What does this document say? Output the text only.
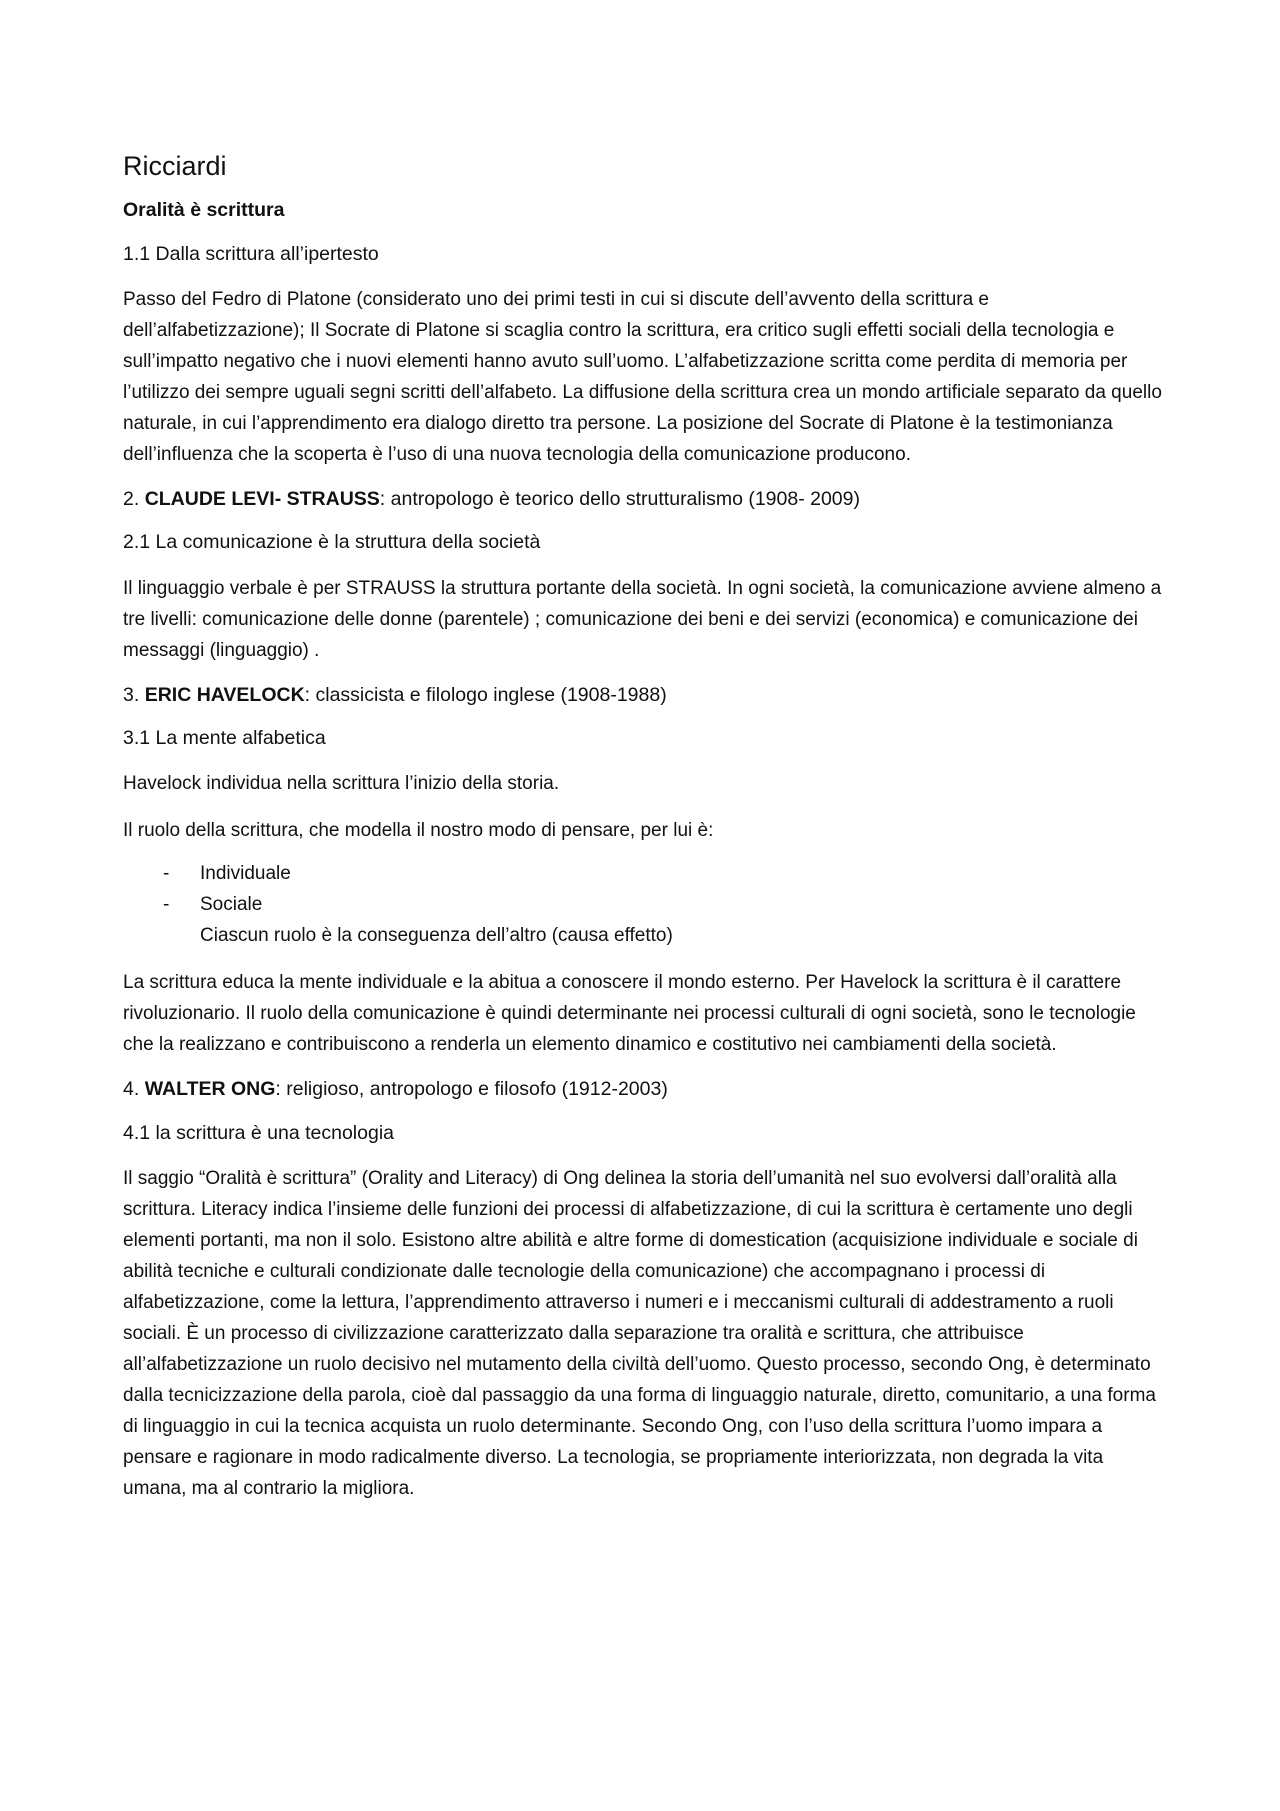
Ricciardi
Oralità è scrittura
1.1 Dalla scrittura all’ipertesto

Passo del Fedro di Platone (considerato uno dei primi testi in cui si discute dell’avvento della scrittura e dell’alfabetizzazione); Il Socrate di Platone si scaglia contro la scrittura, era critico sugli effetti sociali della tecnologia e sull’impatto negativo che i nuovi elementi hanno avuto sull’uomo. L’alfabetizzazione scritta come perdita di memoria per l’utilizzo dei sempre uguali segni scritti dell’alfabeto. La diffusione della scrittura crea un mondo artificiale separato da quello naturale, in cui l’apprendimento era dialogo diretto tra persone. La posizione del Socrate di Platone è la testimonianza dell’influenza che la scoperta è l’uso di una nuova tecnologia della comunicazione producono.

2. CLAUDE LEVI- STRAUSS: antropologo è teorico dello strutturalismo (1908- 2009)
2.1 La comunicazione è la struttura della società

Il linguaggio verbale è per STRAUSS la struttura portante della società. In ogni società, la comunicazione avviene almeno a tre livelli: comunicazione delle donne (parentele) ; comunicazione dei beni e dei servizi (economica) e comunicazione dei messaggi (linguaggio) .

3. ERIC HAVELOCK: classicista e filologo inglese (1908-1988)
3.1 La mente alfabetica

Havelock individua nella scrittura l’inizio della storia.

Il ruolo della scrittura, che modella il nostro modo di pensare, per lui è:

- Individuale
- Sociale
Ciascun ruolo è la conseguenza dell’altro (causa effetto)

La scrittura educa la mente individuale e la abitua a conoscere il mondo esterno. Per Havelock la scrittura è il carattere rivoluzionario. Il ruolo della comunicazione è quindi determinante nei processi culturali di ogni società, sono le tecnologie che la realizzano e contribuiscono a renderla un elemento dinamico e costitutivo nei cambiamenti della società.

4. WALTER ONG: religioso, antropologo e filosofo (1912-2003)
4.1 la scrittura è una tecnologia

Il saggio “Oralità è scrittura” (Orality and Literacy) di Ong delinea la storia dell’umanità nel suo evolversi dall’oralità alla scrittura. Literacy indica l’insieme delle funzioni dei processi di alfabetizzazione, di cui la scrittura è certamente uno degli elementi portanti, ma non il solo. Esistono altre abilità e altre forme di domestication (acquisizione individuale e sociale di abilità tecniche e culturali condizionate dalle tecnologie della comunicazione) che accompagnano i processi di alfabetizzazione, come la lettura, l’apprendimento attraverso i numeri e i meccanismi culturali di addestramento a ruoli sociali. È un processo di civilizzazione caratterizzato dalla separazione tra oralità e scrittura, che attribuisce all’alfabetizzazione un ruolo decisivo nel mutamento della civiltà dell’uomo. Questo processo, secondo Ong, è determinato dalla tecnicizzazione della parola, cioè dal passaggio da una forma di linguaggio naturale, diretto, comunitario, a una forma di linguaggio in cui la tecnica acquista un ruolo determinante. Secondo Ong, con l’uso della scrittura l’uomo impara a pensare e ragionare in modo radicalmente diverso. La tecnologia, se propriamente interiorizzata, non degrada la vita umana, ma al contrario la migliora.
